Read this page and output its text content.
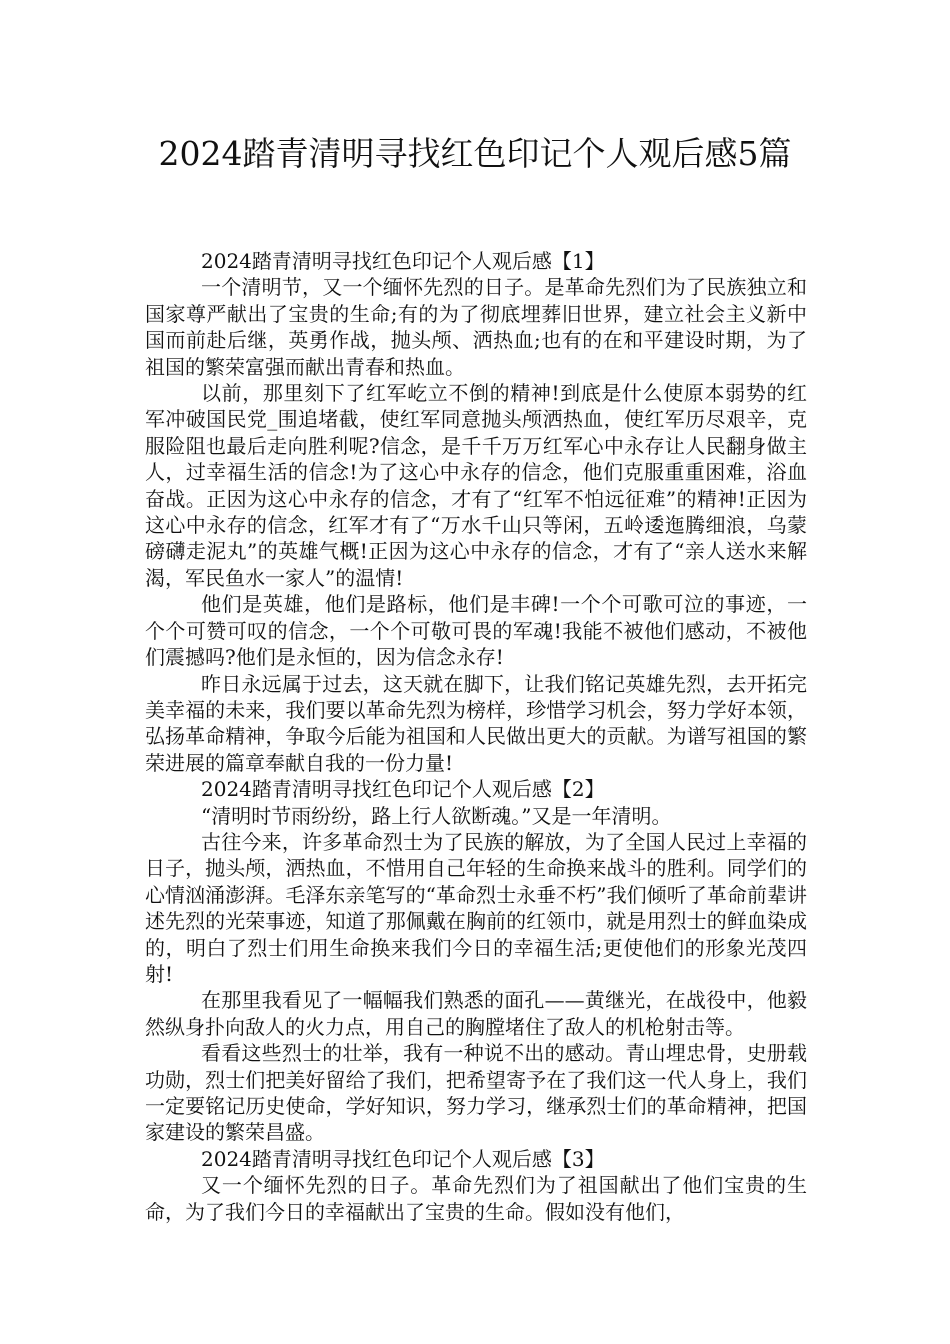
2024踏青清明寻找红色印记个人观后感5篇
2024踏青清明寻找红色印记个人观后感【1】

一个清明节，又一个缅怀先烈的日子。是革命先烈们为了民族独立和国家尊严献出了宝贵的生命;有的为了彻底埋葬旧世界，建立社会主义新中国而前赴后继，英勇作战，抛头颅、洒热血;也有的在和平建设时期，为了祖国的繁荣富强而献出青春和热血。

以前，那里刻下了红军屹立不倒的精神!到底是什么使原本弱势的红军冲破国民党_围追堵截，使红军同意抛头颅洒热血，使红军历尽艰辛，克服险阻也最后走向胜利呢?信念，是千千万万红军心中永存让人民翻身做主人，过幸福生活的信念!为了这心中永存的信念，他们克服重重困难，浴血奋战。正因为这心中永存的信念，才有了“红军不怕远征难”的精神!正因为这心中永存的信念，红军才有了“万水千山只等闲，五岭逶迤腾细浪，乌蒙磅礴走泥丸”的英雄气概!正因为这心中永存的信念，才有了“亲人送水来解渴，军民鱼水一家人”的温情!

他们是英雄，他们是路标，他们是丰碑!一个个可歌可泣的事迹，一个个可赞可叹的信念，一个个可敬可畏的军魂!我能不被他们感动，不被他们震撼吗?他们是永恒的，因为信念永存!

昨日永远属于过去，这天就在脚下，让我们铭记英雄先烈，去开拓完美幸福的未来，我们要以革命先烈为榜样，珍惜学习机会，努力学好本领，弘扬革命精神，争取今后能为祖国和人民做出更大的贡献。为谱写祖国的繁荣进展的篇章奉献自我的一份力量!

2024踏青清明寻找红色印记个人观后感【2】

“清明时节雨纷纷，路上行人欲断魂。”又是一年清明。

古往今来，许多革命烈士为了民族的解放，为了全国人民过上幸福的日子，抛头颅，洒热血，不惜用自己年轻的生命换来战斗的胜利。同学们的心情汹涌澎湃。毛泽东亲笔写的“革命烈士永垂不朽”我们倾听了革命前辈讲述先烈的光荣事迹，知道了那佩戴在胸前的红领巾，就是用烈士的鲜血染成的，明白了烈士们用生命换来我们今日的幸福生活;更使他们的形象光茂四射!

在那里我看见了一幅幅我们熟悉的面孔——黄继光，在战役中，他毅然纵身扑向敌人的火力点，用自己的胸膛堵住了敌人的机枪射击等。

看看这些烈士的壮举，我有一种说不出的感动。青山埋忠骨，史册载功勋，烈士们把美好留给了我们，把希望寄予在了我们这一代人身上，我们一定要铭记历史使命，学好知识，努力学习，继承烈士们的革命精神，把国家建设的繁荣昌盛。

2024踏青清明寻找红色印记个人观后感【3】

又一个缅怀先烈的日子。革命先烈们为了祖国献出了他们宝贵的生命，为了我们今日的幸福献出了宝贵的生命。假如没有他们，
